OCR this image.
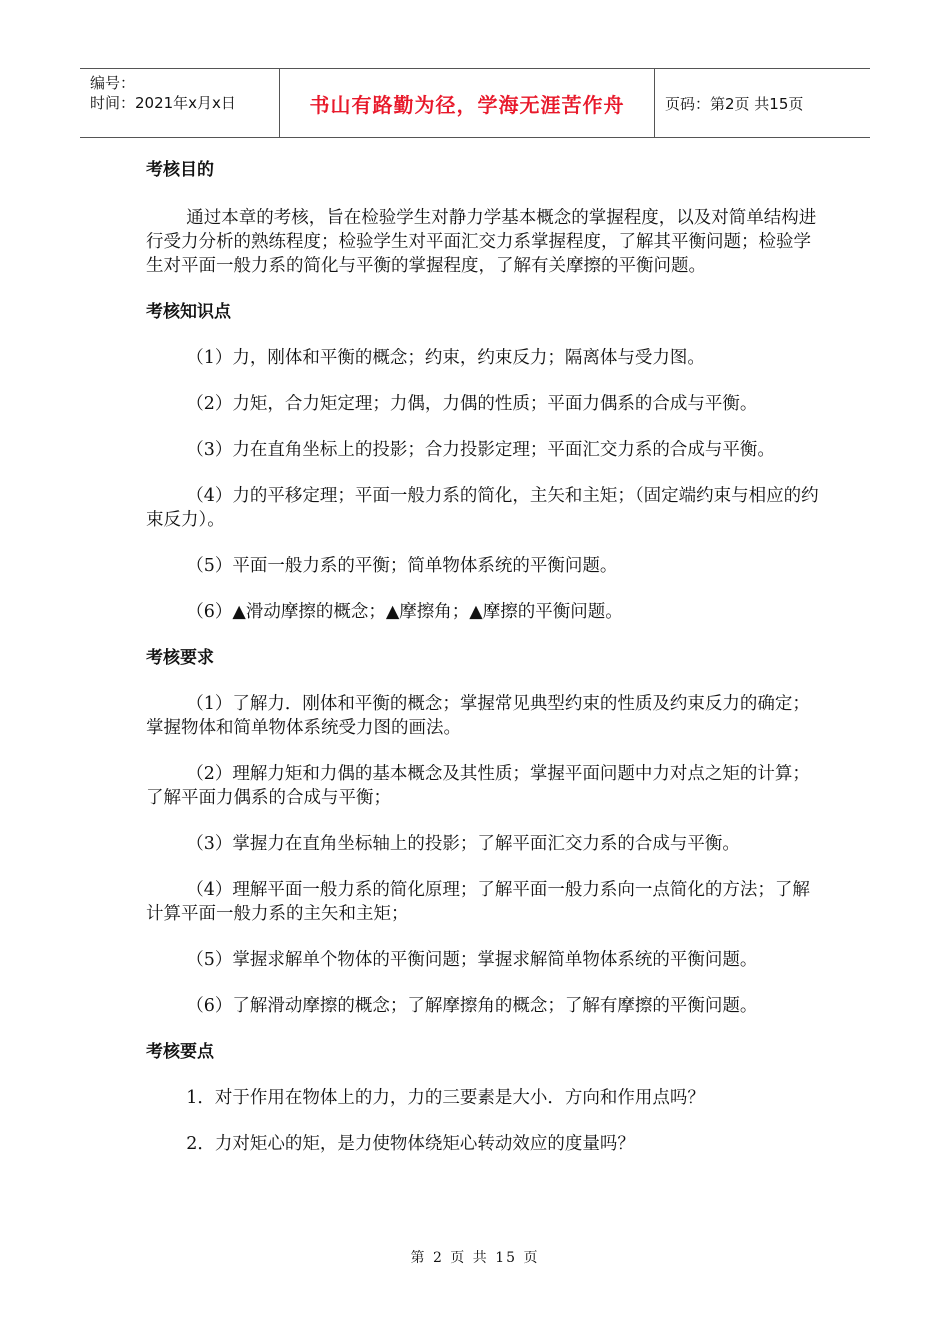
编号：
时间：2021年x月x日	书山有路勤为径，学海无涯苦作舟	页码：第2页 共15页

考核目的

通过本章的考核，旨在检验学生对静力学基本概念的掌握程度，以及对简单结构进行受力分析的熟练程度；检验学生对平面汇交力系掌握程度，了解其平衡问题；检验学生对平面一般力系的简化与平衡的掌握程度，了解有关摩擦的平衡问题。

考核知识点

（1）力，刚体和平衡的概念；约束，约束反力；隔离体与受力图。

（2）力矩，合力矩定理；力偶，力偶的性质；平面力偶系的合成与平衡。

（3）力在直角坐标上的投影；合力投影定理；平面汇交力系的合成与平衡。

（4）力的平移定理；平面一般力系的简化，主矢和主矩；（固定端约束与相应的约束反力）。

（5）平面一般力系的平衡；简单物体系统的平衡问题。

（6）▲滑动摩擦的概念；▲摩擦角；▲摩擦的平衡问题。

考核要求

（1）了解力．刚体和平衡的概念；掌握常见典型约束的性质及约束反力的确定；掌握物体和简单物体系统受力图的画法。

（2）理解力矩和力偶的基本概念及其性质；掌握平面问题中力对点之矩的计算；了解平面力偶系的合成与平衡；

（3）掌握力在直角坐标轴上的投影；了解平面汇交力系的合成与平衡。

（4）理解平面一般力系的简化原理；了解平面一般力系向一点简化的方法；了解计算平面一般力系的主矢和主矩；

（5）掌握求解单个物体的平衡问题；掌握求解简单物体系统的平衡问题。

（6）了解滑动摩擦的概念；了解摩擦角的概念；了解有摩擦的平衡问题。

考核要点

1．对于作用在物体上的力，力的三要素是大小．方向和作用点吗？

2．力对矩心的矩，是力使物体绕矩心转动效应的度量吗？

第 2 页 共 15 页
